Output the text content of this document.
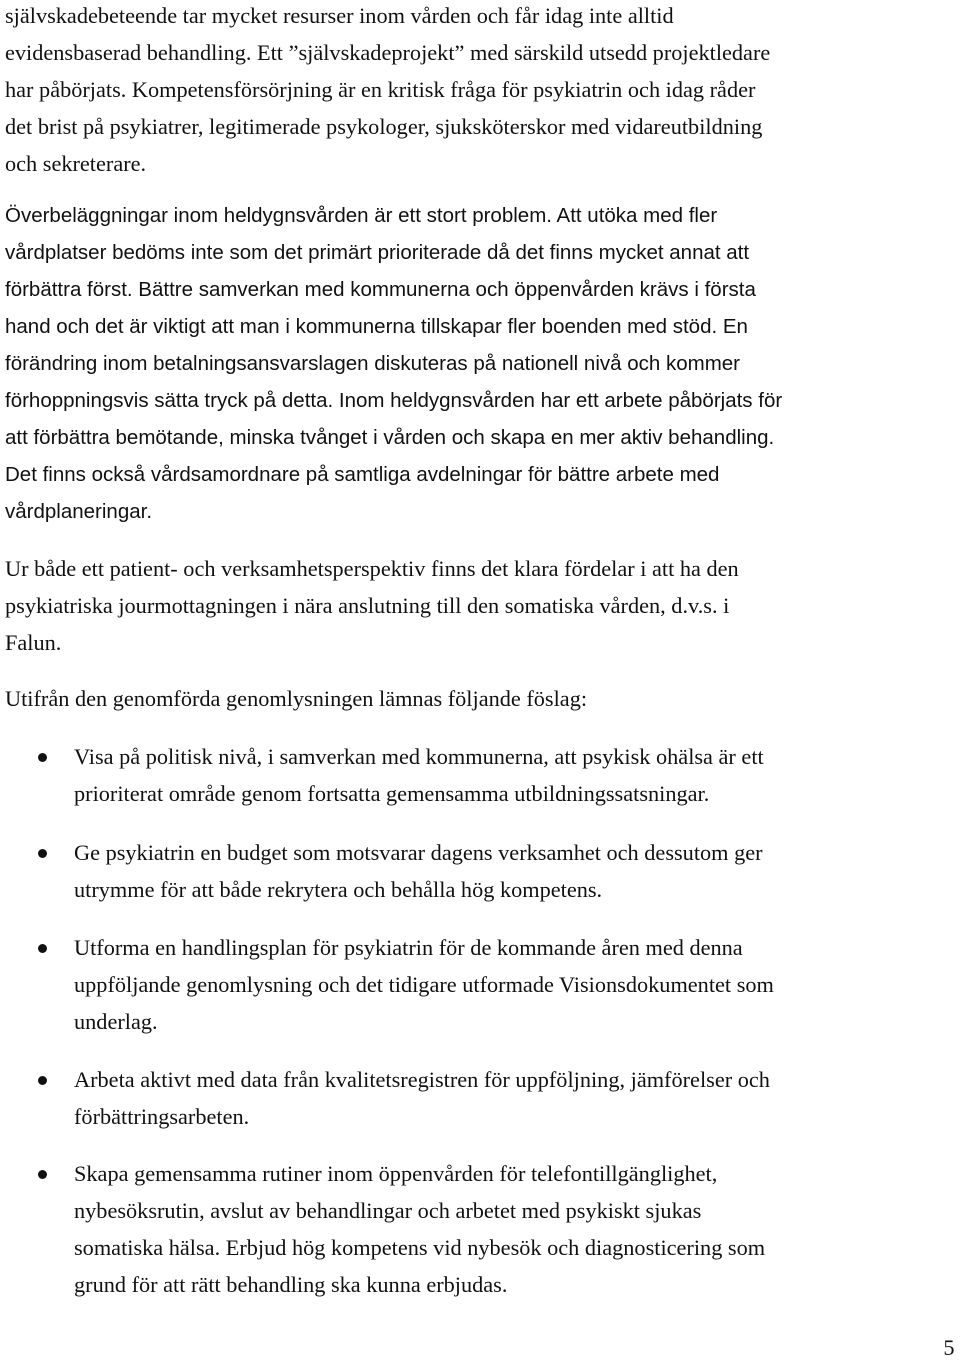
självskadebeteende tar mycket resurser inom vården och får idag inte alltid
evidensbaserad behandling. Ett ”självskadeprojekt” med särskild utsedd projektledare
har påbörjats. Kompetensförsörjning är en kritisk fråga för psykiatrin och idag råder
det brist på psykiatrer, legitimerade psykologer, sjuksköterskor med vidareutbildning
och sekreterare.

Överbeläggningar inom heldygnsvården är ett stort problem. Att utöka med fler
vårdplatser bedöms inte som det primärt prioriterade då det finns mycket annat att
förbättra först. Bättre samverkan med kommunerna och öppenvården krävs i första
hand och det är viktigt att man i kommunerna tillskapar fler boenden med stöd. En
förändring inom betalningsansvarslagen diskuteras på nationell nivå och kommer
förhoppningsvis sätta tryck på detta. Inom heldygnsvården har ett arbete påbörjats för
att förbättra bemötande, minska tvånget i vården och skapa en mer aktiv behandling.
Det finns också vårdsamordnare på samtliga avdelningar för bättre arbete med
vårdplaneringar.

Ur både ett patient- och verksamhetsperspektiv finns det klara fördelar i att ha den
psykiatriska jourmottagningen i nära anslutning till den somatiska vården, d.v.s. i
Falun.

Utifrån den genomförda genomlysningen lämnas följande föslag:

Visa på politisk nivå, i samverkan med kommunerna, att psykisk ohälsa är ett
prioriterat område genom fortsatta gemensamma utbildningssatsningar.
Ge psykiatrin en budget som motsvarar dagens verksamhet och dessutom ger
utrymme för att både rekrytera och behålla hög kompetens.
Utforma en handlingsplan för psykiatrin för de kommande åren med denna
uppföljande genomlysning och det tidigare utformade Visionsdokumentet som
underlag.
Arbeta aktivt med data från kvalitetsregistren för uppföljning, jämförelser och
förbättringsarbeten.
Skapa gemensamma rutiner inom öppenvården för telefontillgänglighet,
nybesöksrutin, avslut av behandlingar och arbetet med psykiskt sjukas
somatiska hälsa. Erbjud hög kompetens vid nybesök och diagnosticering som
grund för att rätt behandling ska kunna erbjudas.
5
